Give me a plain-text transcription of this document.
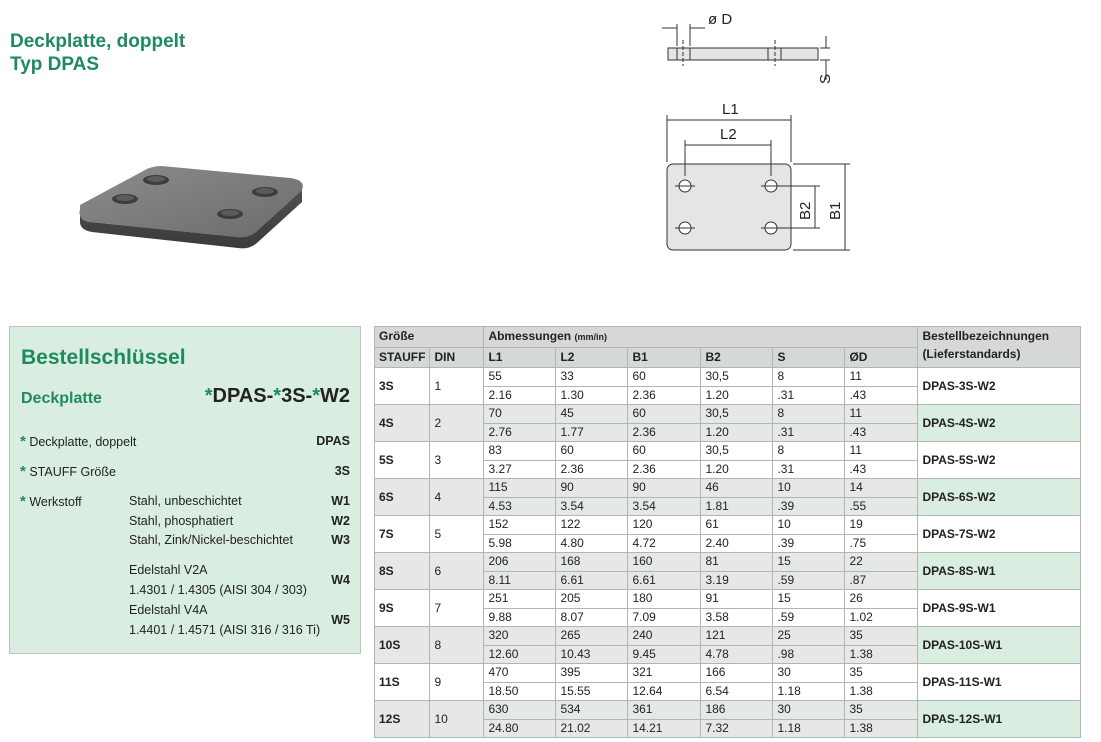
Deckplatte, doppelt
Typ DPAS
ø D
S
L1
L2
B1
B2
Bestellschlüssel
Deckplatte	*DPAS-*3S-*W2
* Deckplatte, doppelt	DPAS
* STAUFF Größe	3S
* Werkstoff	Stahl, unbeschichtet	W1
Stahl, phosphatiert	W2
Stahl, Zink/Nickel-beschichtet	W3
Edelstahl V2A
1.4301 / 1.4305 (AISI 304 / 303)
W4
Edelstahl V4A
1.4401 / 1.4571 (AISI 316 / 316 Ti)
W5
Größe		Abmessungen (mm/in)						Bestellbezeichnungen
(Lieferstandards)

STAUFF	DIN	L1	L2	B1	B2	S	ØD	
3S	1	55	33	60	30,5	8	11	DPAS-3S-W2
		2.16	1.30	2.36	1.20	.31	.43	
4S	2	70	45	60	30,5	8	11	DPAS-4S-W2
		2.76	1.77	2.36	1.20	.31	.43	
5S	3	83	60	60	30,5	8	11	DPAS-5S-W2
		3.27	2.36	2.36	1.20	.31	.43	
6S	4	115	90	90	46	10	14	DPAS-6S-W2
		4.53	3.54	3.54	1.81	.39	.55	
7S	5	152	122	120	61	10	19	DPAS-7S-W2
		5.98	4.80	4.72	2.40	.39	.75	
8S	6	206	168	160	81	15	22	DPAS-8S-W1
		8.11	6.61	6.61	3.19	.59	.87	
9S	7	251	205	180	91	15	26	DPAS-9S-W1
		9.88	8.07	7.09	3.58	.59	1.02	
10S	8	320	265	240	121	25	35	DPAS-10S-W1
		12.60	10.43	9.45	4.78	.98	1.38	
11S	9	470	395	321	166	30	35	DPAS-11S-W1
		18.50	15.55	12.64	6.54	1.18	1.38	
12S	10	630	534	361	186	30	35	DPAS-12S-W1
		24.80	21.02	14.21	7.32	1.18	1.38	
